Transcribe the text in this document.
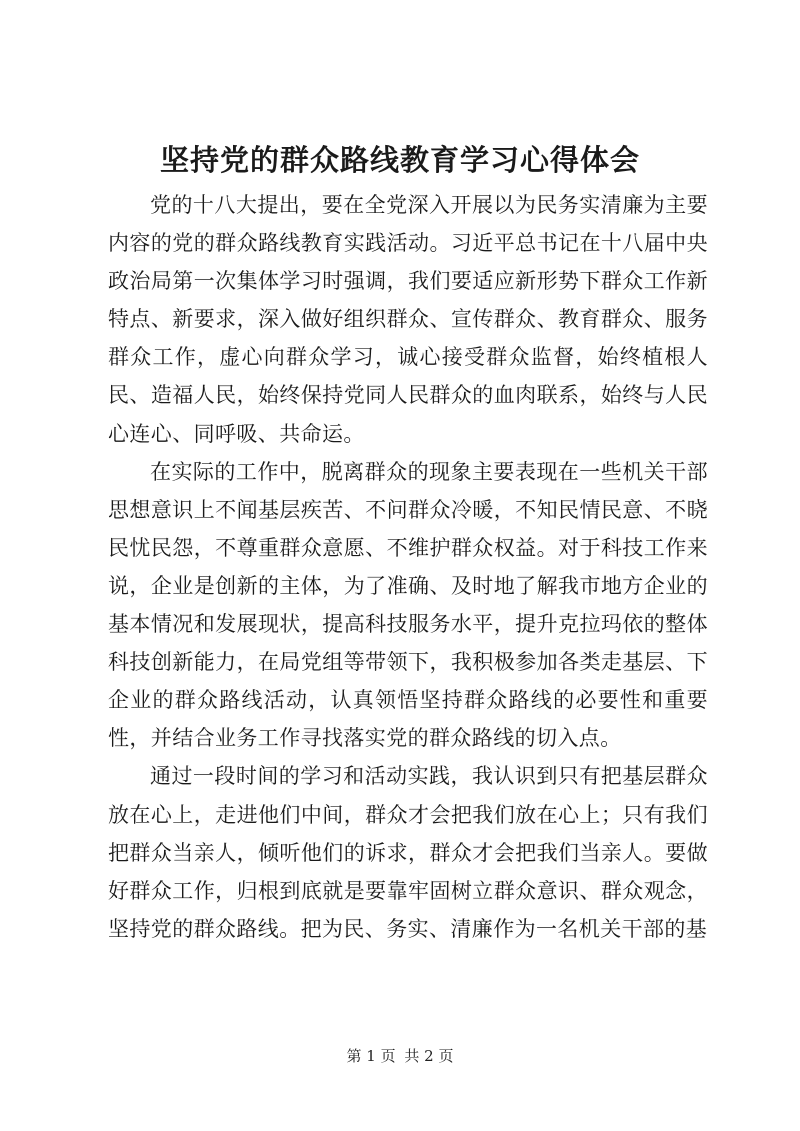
坚持党的群众路线教育学习心得体会

党的十八大提出，要在全党深入开展以为民务实清廉为主要内容的党的群众路线教育实践活动。习近平总书记在十八届中央政治局第一次集体学习时强调，我们要适应新形势下群众工作新特点、新要求，深入做好组织群众、宣传群众、教育群众、服务群众工作，虚心向群众学习，诚心接受群众监督，始终植根人民、造福人民，始终保持党同人民群众的血肉联系，始终与人民心连心、同呼吸、共命运。

在实际的工作中，脱离群众的现象主要表现在一些机关干部思想意识上不闻基层疾苦、不问群众冷暖，不知民情民意、不晓民忧民怨，不尊重群众意愿、不维护群众权益。对于科技工作来说，企业是创新的主体，为了准确、及时地了解我市地方企业的基本情况和发展现状，提高科技服务水平，提升克拉玛依的整体科技创新能力，在局党组等带领下，我积极参加各类走基层、下企业的群众路线活动，认真领悟坚持群众路线的必要性和重要性，并结合业务工作寻找落实党的群众路线的切入点。

通过一段时间的学习和活动实践，我认识到只有把基层群众放在心上，走进他们中间，群众才会把我们放在心上；只有我们把群众当亲人，倾听他们的诉求，群众才会把我们当亲人。要做好群众工作，归根到底就是要靠牢固树立群众意识、群众观念，坚持党的群众路线。把为民、务实、清廉作为一名机关干部的基

第 1 页 共 2 页
